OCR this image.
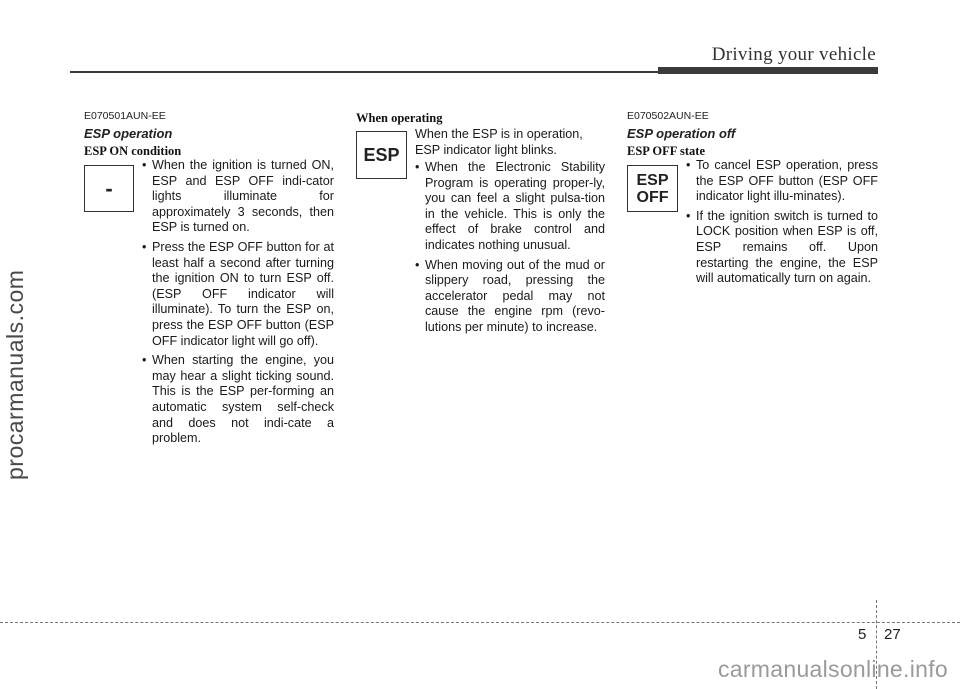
Driving your vehicle
procarmanuals.com
E070501AUN-EE
ESP operation
ESP ON condition
-
• When the ignition is turned ON, ESP and ESP OFF indi-cator lights illuminate for approximately 3 seconds, then ESP is turned on.
• Press the ESP OFF button for at least half a second after turning the ignition ON to turn ESP off. (ESP OFF indicator will illuminate). To turn the ESP on, press the ESP OFF button (ESP OFF indicator light will go off).
• When starting the engine, you may hear a slight ticking sound. This is the ESP per-forming an automatic system self-check and does not indi-cate a problem.
When operating
ESP
When the ESP is in operation, ESP indicator light blinks.
• When the Electronic Stability Program is operating proper-ly, you can feel a slight pulsa-tion in the vehicle. This is only the effect of brake control and indicates nothing unusual.
• When moving out of the mud or slippery road, pressing the accelerator pedal may not cause the engine rpm (revo-lutions per minute) to increase.
E070502AUN-EE
ESP operation off
ESP OFF state
ESP
OFF
• To cancel ESP operation, press the ESP OFF button (ESP OFF indicator light illu-minates).
• If the ignition switch is turned to LOCK position when ESP is off, ESP remains off. Upon restarting the engine, the ESP will automatically turn on again.
5 27
carmanualsonline.info
